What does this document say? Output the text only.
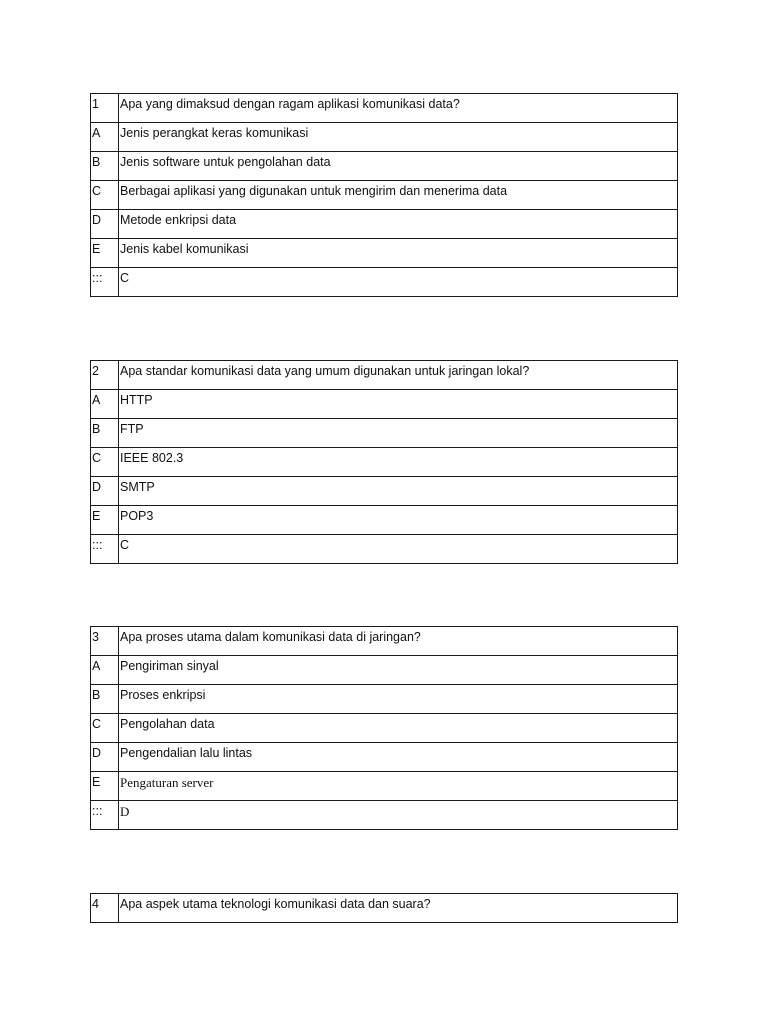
1	Apa yang dimaksud dengan ragam aplikasi komunikasi data?
A	Jenis perangkat keras komunikasi
B	Jenis software untuk pengolahan data
C	Berbagai aplikasi yang digunakan untuk mengirim dan menerima data
D	Metode enkripsi data
E	Jenis kabel komunikasi
:::	C
2	Apa standar komunikasi data yang umum digunakan untuk jaringan lokal?
A	HTTP
B	FTP
C	IEEE 802.3
D	SMTP
E	POP3
:::	C
3	Apa proses utama dalam komunikasi data di jaringan?
A	Pengiriman sinyal
B	Proses enkripsi
C	Pengolahan data
D	Pengendalian lalu lintas
E	Pengaturan server
:::	D
4	Apa aspek utama teknologi komunikasi data dan suara?
